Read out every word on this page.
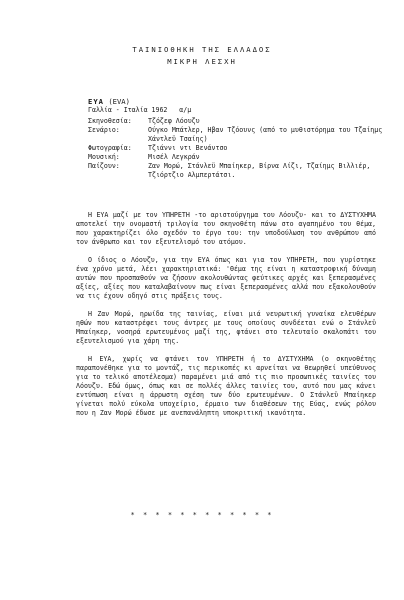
ΤΑΙΝΙΟΘΗΚΗ ΤΗΣ ΕΛΛΑΔΟΣ
ΜΙΚΡΗ ΛΕΣΧΗ
ΕΥΑ (EVA)
Γαλλία - Ιταλία 1962   α/μ
Σκηνοθεσία:	Τζόζεφ Λόουζυ
Σενάριο:	Ούγκο Μπάτλερ, Ηβαν Τζόουνς (από το μυθιστόρημα του Τζαίημς Χάντλεϋ Τσαίης)
Φωτογραφία:	Τζιάννι ντι Βενάντσο
Μουσική:	Μισέλ Λεγκράν
Παίζουν:	Ζαν Μορώ, Στάνλεϋ Μπαίηκερ, Βίρνα Λίζι, Τζαίημς Βιλλιέρ, Τζιόρτζιο Αλμπερτάτσι.

Η ΕΥΑ μαζί με τον ΥΠΗΡΕΤΗ -το αριστούργημα του Λόουζυ- και το ΔΥΣΤΥΧΗΜΑ αποτελεί την ονομαστή τριλογία του σκηνοθέτη πάνω στο αγαπημένο του θέμα, που χαρακτηρίζει όλο σχεδόν το έργο του: την υποδούλωση του ανθρώπου από τον άνθρωπο και τον εξευτελισμό του ατόμου.

Ο ίδιος ο Λόουζυ, για την ΕΥΑ όπως και για τον ΥΠΗΡΕΤΗ, που γυρίστηκε ένα χρόνο μετά, λέει χαρακτηριστικά: 'Θέμα της είναι η καταστροφική δύναμη αυτών που προσπαθούν να ζήσουν ακολουθώντας φεύτικες αρχές και ξεπερασμένες αξίες, αξίες που καταλαβαίνουν πως είναι ξεπερασμένες αλλά που εξακολουθούν να τις έχουν οδηγό στις πράξεις τους.

Η Ζαν Μορώ, ηρωίδα της ταινίας, είναι μιά νευρωτική γυναίκα ελευθέρων ηθών που καταστρέφει τους άντρες με τους οποίους συνδέεται ενώ ο Στάνλεϋ Μπαίηκερ, νοσηρά ερωτευμένος μαζί της, φτάνει στο τελευταίο σκαλοπάτι του εξευτελισμού για χάρη της.

Η ΕΥΑ, χωρίς να φτάνει τον ΥΠΗΡΕΤΗ ή το ΔΥΣΤΥΧΗΜΑ (ο σκηνοθέτης παραπονέθηκε για το μοντάζ, τις περικοπές κι αρνείται να θεωρηθεί υπεύθυνος για το τελικό αποτέλεσμα) παραμένει μιά από τις πιο προσωπικές ταινίες του Λόουζυ. Εδώ όμως, όπως και σε πολλές άλλες ταινίες του, αυτό που μας κάνει εντύπωση είναι η άρρωστη σχέση των δύο ερωτευμένων. Ο Στάνλεϋ Μπαίηκερ γίνεται πολύ εύκολα υποχείριο, έρμαιο των διαθέσεων της Εύας, ενώς ρόλου που η Ζαν Μορώ έδωσε με ανεπανάληπτη υποκριτική ικανότητα.

* * * * * * * * * * * *
